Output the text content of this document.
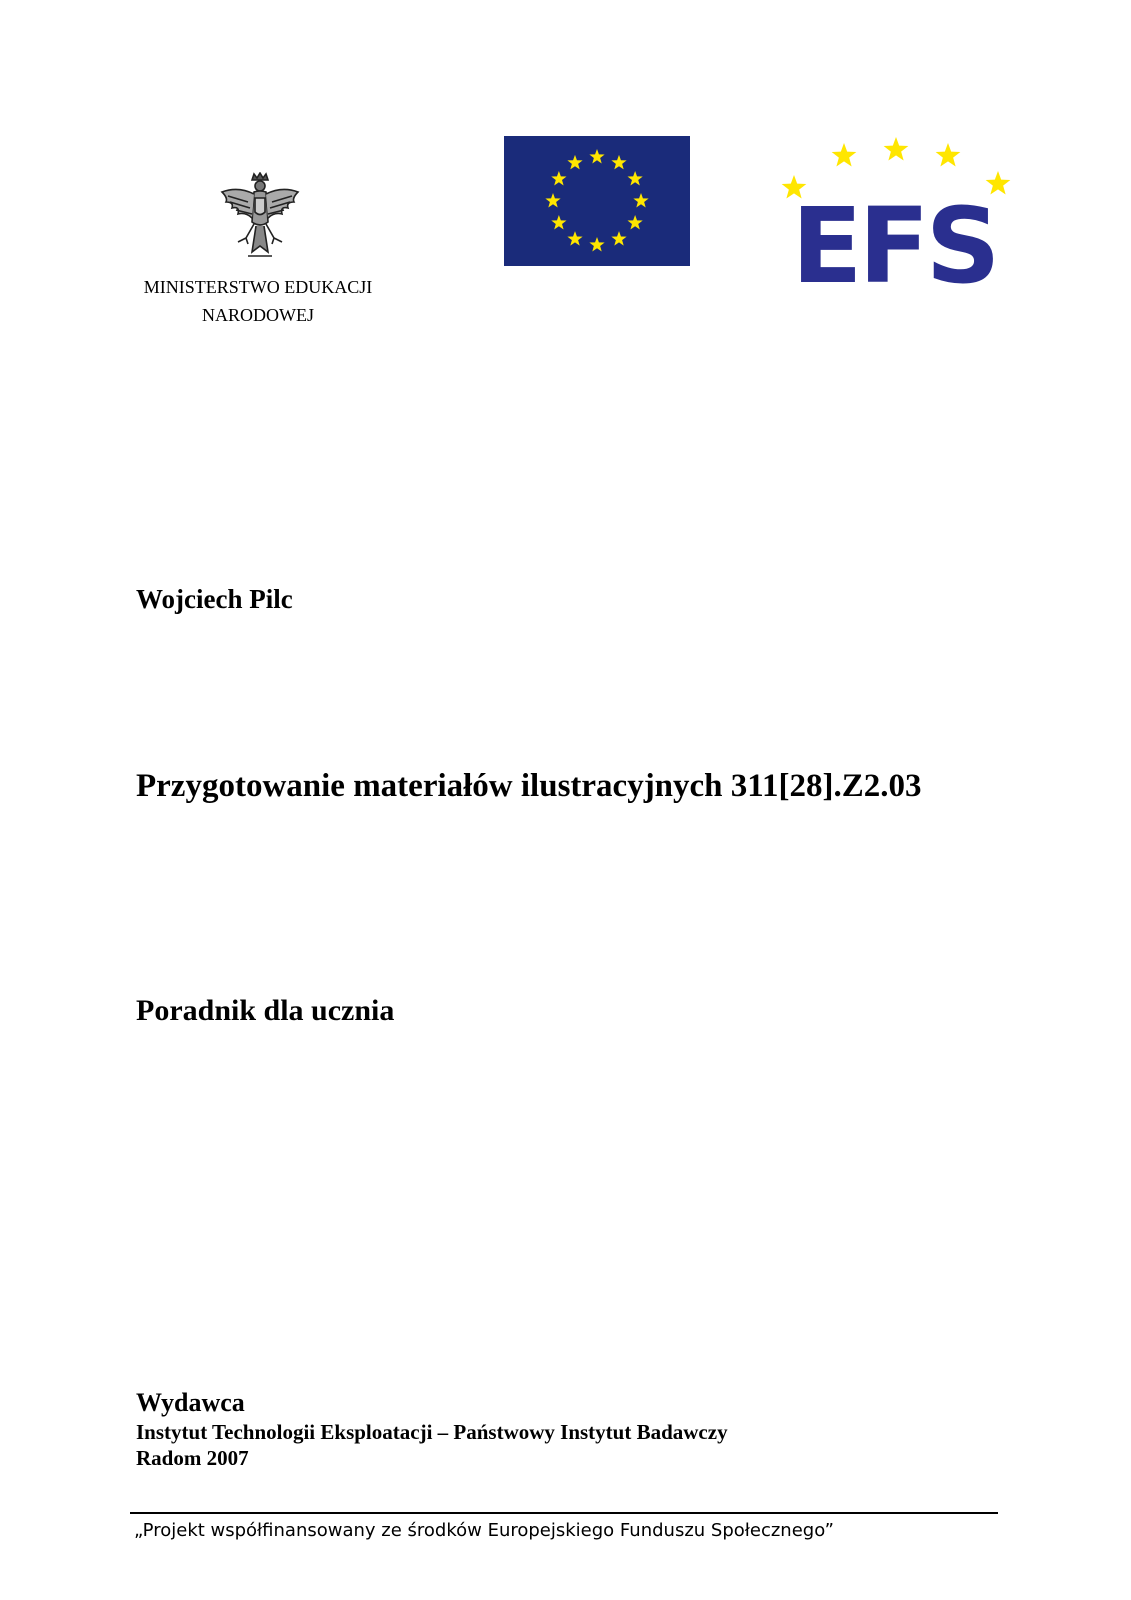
MINISTERSTWO EDUKACJI
NARODOWEJ
EFS
Wojciech Pilc
Przygotowanie materiałów ilustracyjnych 311[28].Z2.03
Poradnik dla ucznia
Wydawca
Instytut Technologii Eksploatacji – Państwowy Instytut Badawczy
Radom 2007
„Projekt współfinansowany ze środków Europejskiego Funduszu Społecznego”
